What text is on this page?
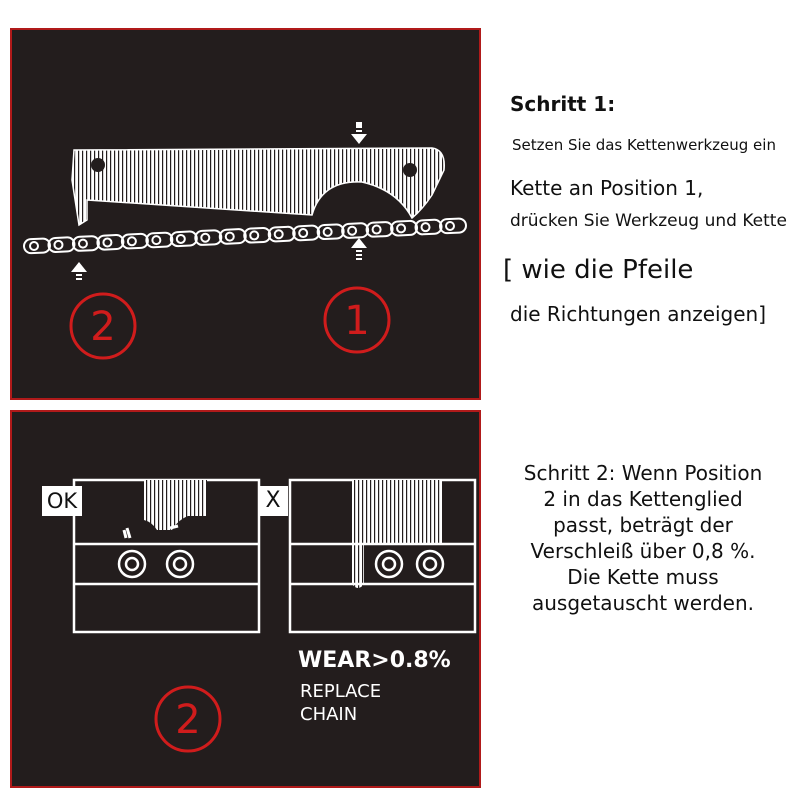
2	1
2
OK	X
WEAR>0.8%
REPLACE
CHAIN
Schritt 1:
Setzen Sie das Kettenwerkzeug ein
Kette an Position 1,
drücken Sie Werkzeug und Kette
[ wie die Pfeile
die Richtungen anzeigen]
Schritt 2: Wenn Position
2 in das Kettenglied
passt, beträgt der
Verschleiß über 0,8 %.
Die Kette muss
ausgetauscht werden.
